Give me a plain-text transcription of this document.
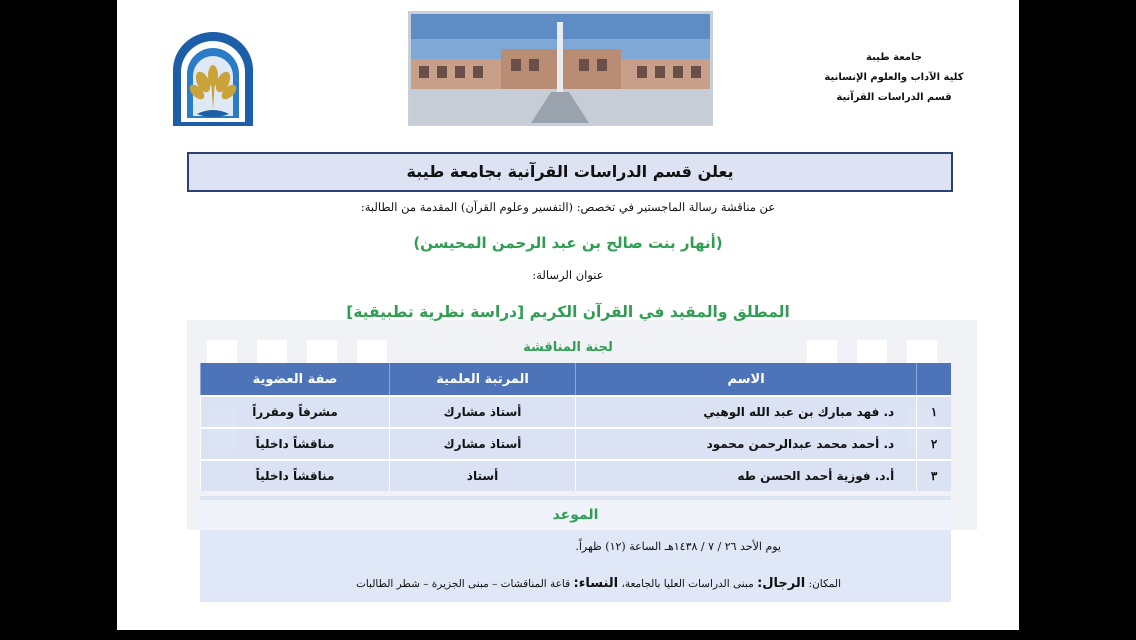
جامعة طيبة
كلية الآداب والعلوم الإنسانية
قسم الدراسات القرآنية
يعلن قسم الدراسات القرآنية بجامعة طيبة
عن مناقشة رسالة الماجستير في تخصص: (التفسير وعلوم القرآن) المقدمة من الطالبة:
(أنهار بنت صالح بن عبد الرحمن المحيسن)
عنوان الرسالة:
المطلق والمقيد في القرآن الكريم [دراسة نظرية تطبيقية]
لجنة المناقشة
	الاسم	المرتبة العلمية	صفة العضوية
١	د. فهد مبارك بن عبد الله الوهبي	أستاذ مشارك	مشرفاً ومقرراً
٢	د. أحمد محمد عبدالرحمن محمود	أستاذ مشارك	مناقشاً داخلياً
٣	أ.د. فوزية أحمد الحسن طه	أستاذ	مناقشاً داخلياً
الموعد
يوم الأحد ٢٦ / ٧ / ١٤٣٨هـ الساعة (١٢) ظهراً.
المكان: الرجال: مبنى الدراسات العليا بالجامعة، النساء: قاعة المناقشات – مبنى الجزيرة – شطر الطالبات
